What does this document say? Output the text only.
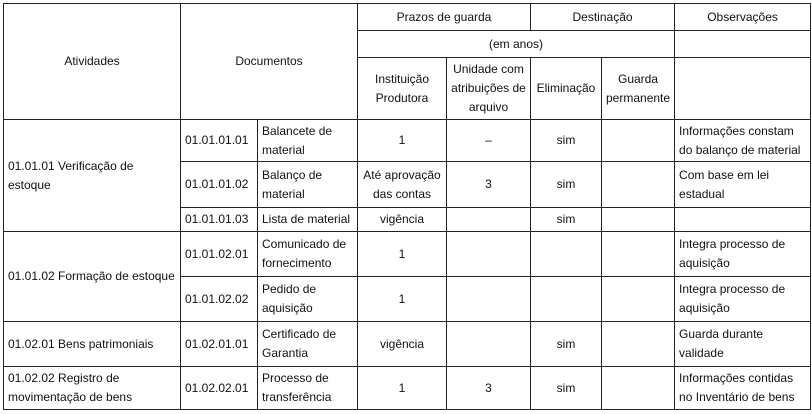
Atividades	Documentos		Prazos de guarda		Destinação		Observações
			(em anos)				
			Instituição Produtora	Unidade com atribuições de arquivo	Eliminação	Guarda permanente	
01.01.01 Verificação de estoque	01.01.01.01	Balancete de material	1	–	sim		Informações constam do balanço de material
	01.01.01.02	Balanço de material	Até aprovação das contas	3	sim		Com base em lei estadual
	01.01.01.03	Lista de material	vigência		sim		
01.01.02 Formação de estoque	01.01.02.01	Comunicado de fornecimento	1				Integra processo de aquisição
	01.01.02.02	Pedido de aquisição	1				Integra processo de aquisição
01.02.01 Bens patrimoniais	01.02.01.01	Certificado de Garantia	vigência		sim		Guarda durante validade
01.02.02 Registro de movimentação de bens	01.02.02.01	Processo de transferência	1	3	sim		Informações contidas no Inventário de bens
